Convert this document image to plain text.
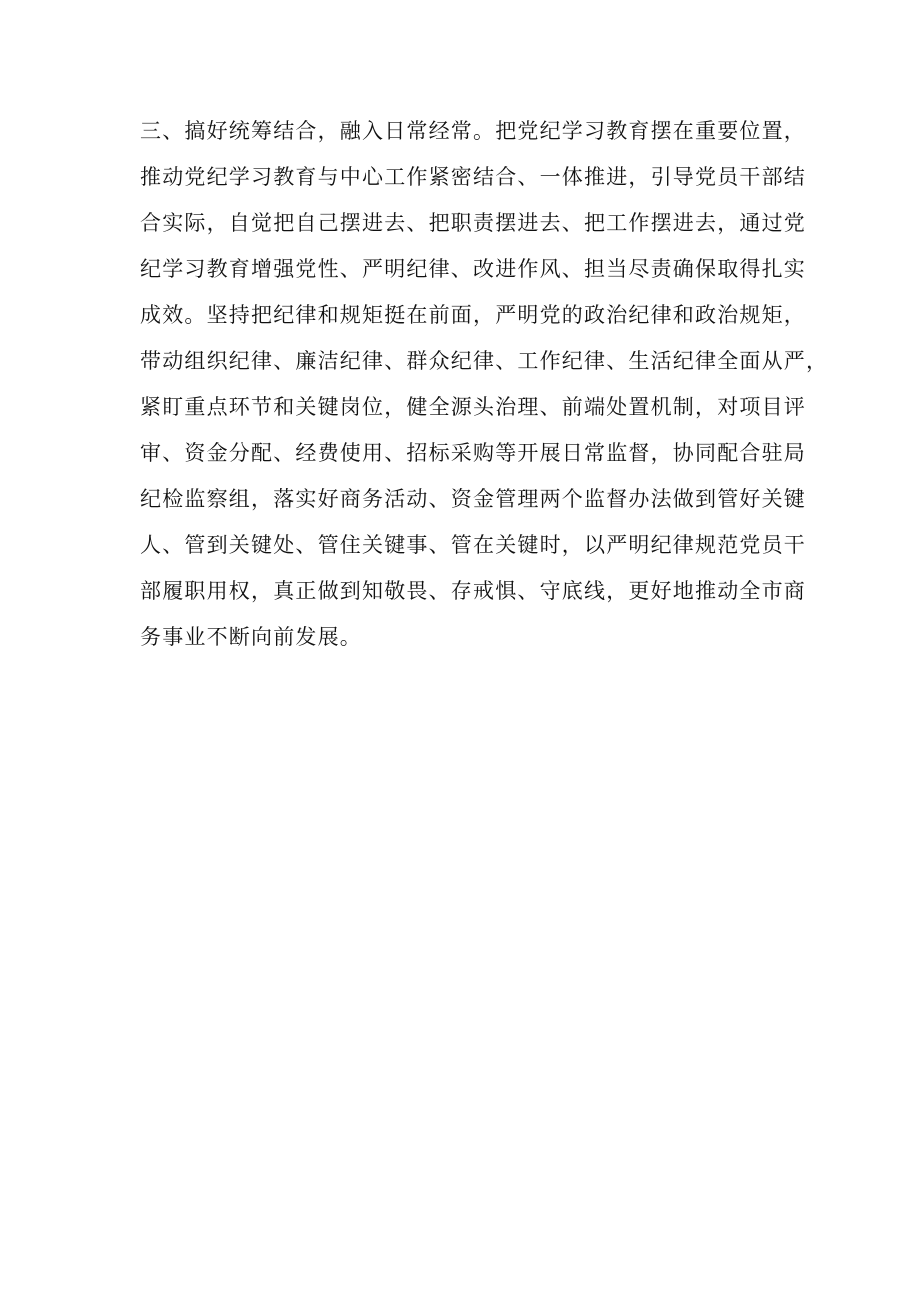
三、搞好统筹结合，融入日常经常。把党纪学习教育摆在重要位置，
推动党纪学习教育与中心工作紧密结合、一体推进，引导党员干部结
合实际，自觉把自己摆进去、把职责摆进去、把工作摆进去，通过党
纪学习教育增强党性、严明纪律、改进作风、担当尽责确保取得扎实
成效。坚持把纪律和规矩挺在前面，严明党的政治纪律和政治规矩，
带动组织纪律、廉洁纪律、群众纪律、工作纪律、生活纪律全面从严，
紧盯重点环节和关键岗位，健全源头治理、前端处置机制，对项目评
审、资金分配、经费使用、招标采购等开展日常监督，协同配合驻局
纪检监察组，落实好商务活动、资金管理两个监督办法做到管好关键
人、管到关键处、管住关键事、管在关键时，以严明纪律规范党员干
部履职用权，真正做到知敬畏、存戒惧、守底线，更好地推动全市商
务事业不断向前发展。
